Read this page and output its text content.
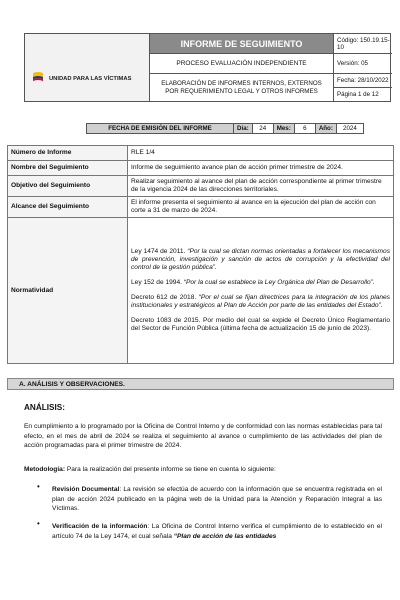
UNIDAD PARA LAS VÍCTIMAS
INFORME DE SEGUIMIENTO
PROCESO EVALUACIÓN INDEPENDIENTE
ELABORACIÓN DE INFORMES INTERNOS, EXTERNOS POR REQUERIMIENTO LEGAL Y OTROS INFORMES
Código: 150.19.15-10
Versión: 05
Fecha: 28/10/2022
Página 1 de 12
FECHA DE EMISIÓN DEL INFORME	Día:	24	Mes:	6	Año:	2024
Número de Informe	RLE 1/4
Nombre del Seguimiento	Informe de seguimiento avance plan de acción primer trimestre de 2024.
Objetivo del Seguimiento	Realizar seguimiento al avance del plan de acción correspondiente al primer trimestre de la vigencia 2024 de las direcciones territoriales.
Alcance del Seguimiento	El informe presenta el seguimiento al avance en la ejecución del plan de acción con corte a 31 de marzo de 2024.
Normatividad	Ley 1474 de 2011. “Por la cual se dictan normas orientadas a fortalecer los mecanismos de prevención, investigación y sanción de actos de corrupción y la efectividad del control de la gestión pública”.

Ley 152 de 1994. “Por la cual se establece la Ley Orgánica del Plan de Desarrollo”.

Decreto 612 de 2018. “Por el cual se fijan directrices para la integración de los planes institucionales y estratégicos al Plan de Acción por parte de las entidades del Estado”.

Decreto 1083 de 2015. Por medio del cual se expide el Decreto Único Reglamentario del Sector de Función Pública (última fecha de actualización 15 de junio de 2023).

A. ANÁLISIS Y OBSERVACIONES.
ANÁLISIS:
En cumplimiento a lo programado por la Oficina de Control Interno y de conformidad con las normas establecidas para tal efecto, en el mes de abril de 2024 se realiza el seguimiento al avance o cumplimiento de las actividades del plan de acción programadas para el primer trimestre de 2024.
Metodología: Para la realización del presente informe se tiene en cuenta lo siguiente:
• Revisión Documental: La revisión se efectúa de acuerdo con la información que se encuentra registrada en el plan de acción 2024 publicado en la página web de la Unidad para la Atención y Reparación Integral a las Víctimas.
• Verificación de la información: La Oficina de Control Interno verifica el cumplimiento de lo establecido en el artículo 74 de la Ley 1474, el cual señala “Plan de acción de las entidades
